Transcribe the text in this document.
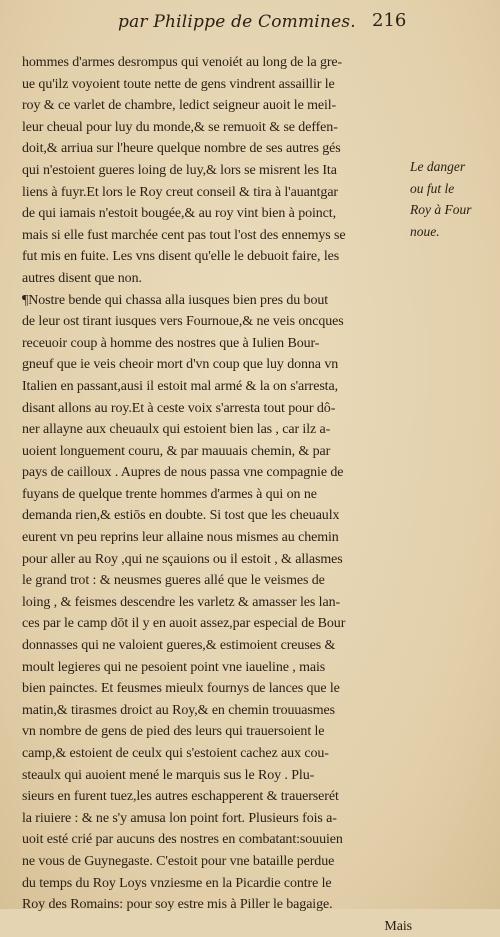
par Philippe de Commines. 216
hommes d'armes desrompus qui venoiét au long de la gre-
ue qu'ilz voyoient toute nette de gens vindrent assaillir le
roy & ce varlet de chambre, ledict seigneur auoit le meil-
leur cheual pour luy du monde,& se remuoit & se deffen-
doit,& arriua sur l'heure quelque nombre de ses autres gés
qui n'estoient gueres loing de luy,& lors se misrent les Ita
liens à fuyr.Et lors le Roy creut conseil & tira à l'auantgar
de qui iamais n'estoit bougée,& au roy vint bien à poinct,
mais si elle fust marchée cent pas tout l'ost des ennemys se
fut mis en fuite. Les vns disent qu'elle le debuoit faire, les
autres disent que non.
¶Nostre bende qui chassa alla iusques bien pres du bout
de leur ost tirant iusques vers Fournoue,& ne veis oncques
receuoir coup à homme des nostres que à Iulien Bour-
gneuf que ie veis cheoir mort d'vn coup que luy donna vn
Italien en passant,ausi il estoit mal armé & la on s'arresta,
disant allons au roy.Et à ceste voix s'arresta tout pour dô-
ner allayne aux cheuaulx qui estoient bien las , car ilz a-
uoient longuement couru, & par mauuais chemin, & par
pays de cailloux . Aupres de nous passa vne compagnie de
fuyans de quelque trente hommes d'armes à qui on ne
demanda rien,& estiōs en doubte. Si tost que les cheuaulx
eurent vn peu reprins leur allaine nous mismes au chemin
pour aller au Roy ,qui ne sçauions ou il estoit , & allasmes
le grand trot : & neusmes gueres allé que le veismes de
loing , & feismes descendre les varletz & amasser les lan-
ces par le camp dōt il y en auoit assez,par especial de Bour
donnasses qui ne valoient gueres,& estimoient creuses &
moult legieres qui ne pesoient point vne iaueline , mais
bien painctes. Et feusmes mieulx fournys de lances que le
matin,& tirasmes droict au Roy,& en chemin trouuasmes
vn nombre de gens de pied des leurs qui trauersoient le
camp,& estoient de ceulx qui s'estoient cachez aux cou-
steaulx qui auoient mené le marquis sus le Roy . Plu-
sieurs en furent tuez,les autres eschapperent & trauerserét
la riuiere : & ne s'y amusa lon point fort. Plusieurs fois a-
uoit esté crié par aucuns des nostres en combatant:souuien
ne vous de Guynegaste. C'estoit pour vne bataille perdue
du temps du Roy Loys vnziesme en la Picardie contre le
Roy des Romains: pour soy estre mis à Piller le bagaige.
Mais
Le danger
ou fut le
Roy à Four
noue.
